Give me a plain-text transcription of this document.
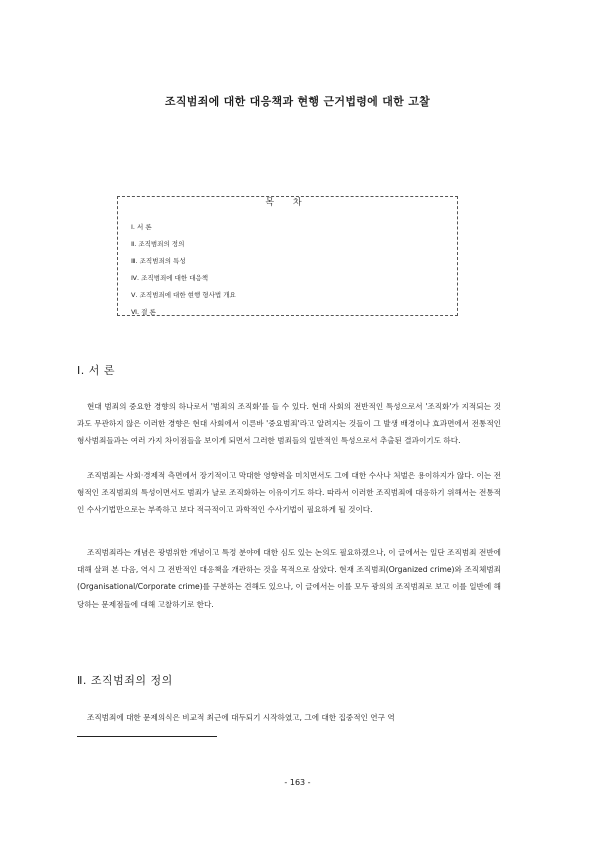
조직범죄에 대한 대응책과 현행 근거법령에 대한 고찰
목 차
Ⅰ. 서 론
Ⅱ. 조직범죄의 정의
Ⅲ. 조직범죄의 특성
Ⅳ. 조직범죄에 대한 대응책
Ⅴ. 조직범죄에 대한 현행 형사법 개요
Ⅵ. 결 론
Ⅰ. 서 론

현대 범죄의 중요한 경향의 하나로서 '범죄의 조직화'를 들 수 있다. 현대 사회의 전반적인 특성으로서 '조직화'가 지적되는 것과도 무관하지 않은 이러한 경향은 현대 사회에서 이른바 '중요범죄'라고 알려지는 것들이 그 발생 배경이나 효과면에서 전통적인 형사범죄들과는 여러 가지 차이점들을 보이게 되면서 그러한 범죄들의 일반적인 특성으로서 추출된 결과이기도 하다.

조직범죄는 사회·경제적 측면에서 장기적이고 막대한 영향력을 미치면서도 그에 대한 수사나 처벌은 용이하지가 않다. 이는 전형적인 조직범죄의 특성이면서도 범죄가 날로 조직화하는 이유이기도 하다. 따라서 이러한 조직범죄에 대응하기 위해서는 전통적인 수사기법만으로는 부족하고 보다 적극적이고 과학적인 수사기법이 필요하게 될 것이다.

조직범죄라는 개념은 광범위한 개념이고 특정 분야에 대한 심도 있는 논의도 필요하겠으나, 이 글에서는 일단 조직범죄 전반에 대해 살펴 본 다음, 역시 그 전반적인 대응책을 개관하는 것을 목적으로 삼았다. 현재 조직범죄(Organized crime)와 조직체범죄(Organisational/Corporate crime)를 구분하는 견해도 있으나, 이 글에서는 이를 모두 광의의 조직범죄로 보고 이를 일반에 해당하는 문제점들에 대해 고찰하기로 한다.

Ⅱ. 조직범죄의 정의

조직범죄에 대한 문제의식은 비교적 최근에 대두되기 시작하였고, 그에 대한 집중적인 연구 역

- 163 -
